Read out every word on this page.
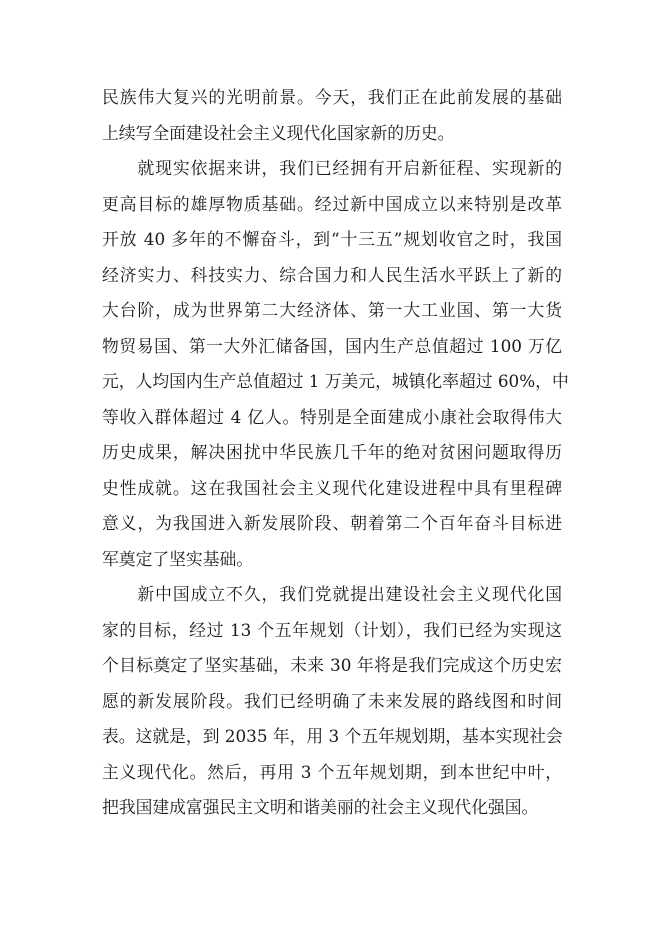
民族伟大复兴的光明前景。今天，我们正在此前发展的基础
上续写全面建设社会主义现代化国家新的历史。
　　就现实依据来讲，我们已经拥有开启新征程、实现新的
更高目标的雄厚物质基础。经过新中国成立以来特别是改革
开放 40 多年的不懈奋斗，到“十三五”规划收官之时，我国
经济实力、科技实力、综合国力和人民生活水平跃上了新的
大台阶，成为世界第二大经济体、第一大工业国、第一大货
物贸易国、第一大外汇储备国，国内生产总值超过 100 万亿
元，人均国内生产总值超过 1 万美元，城镇化率超过 60%，中
等收入群体超过 4 亿人。特别是全面建成小康社会取得伟大
历史成果，解决困扰中华民族几千年的绝对贫困问题取得历
史性成就。这在我国社会主义现代化建设进程中具有里程碑
意义，为我国进入新发展阶段、朝着第二个百年奋斗目标进
军奠定了坚实基础。
　　新中国成立不久，我们党就提出建设社会主义现代化国
家的目标，经过 13 个五年规划（计划），我们已经为实现这
个目标奠定了坚实基础，未来 30 年将是我们完成这个历史宏
愿的新发展阶段。我们已经明确了未来发展的路线图和时间
表。这就是，到 2035 年，用 3 个五年规划期，基本实现社会
主义现代化。然后，再用 3 个五年规划期，到本世纪中叶，
把我国建成富强民主文明和谐美丽的社会主义现代化强国。
